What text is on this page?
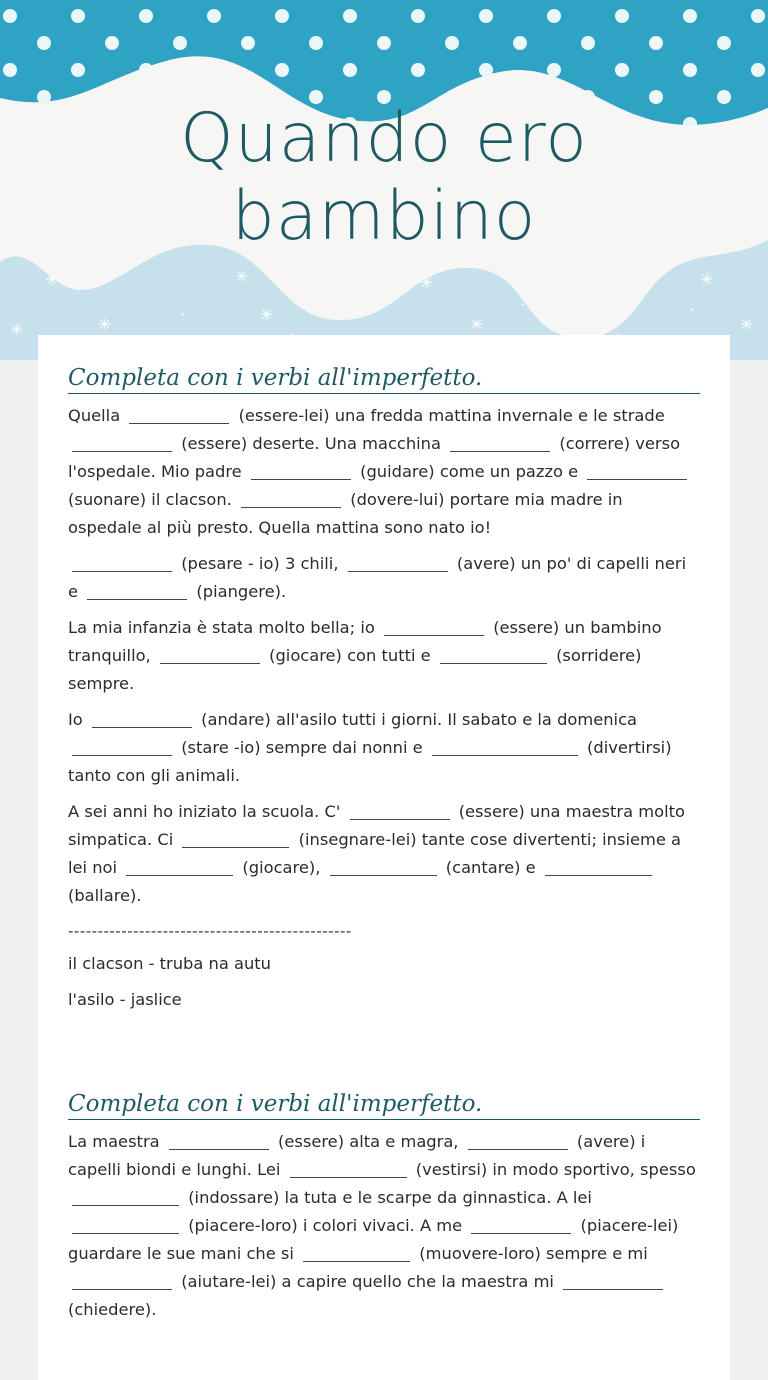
✳
✳
✳
·
✳
✳
✳
✳
·
✳
✳
·
Quando ero
bambino
Completa con i verbi all'imperfetto.

Quella	(essere-lei) una fredda mattina invernale e le strade  (essere) deserte. Una macchina	(correre) verso l'ospedale. Mio padre	(guidare) come un pazzo e  (suonare) il clacson.	(dovere-lui) portare mia madre in ospedale al più presto. Quella mattina sono nato io!

(pesare - io) 3 chili,	(avere) un po' di capelli neri e	(piangere).

La mia infanzia è stata molto bella; io	(essere) un bambino tranquillo,	(giocare) con tutti e	(sorridere) sempre.

Io	(andare) all'asilo tutti i giorni. Il sabato e la domenica  (stare -io) sempre dai nonni e	(divertirsi) tanto con gli animali.

A sei anni ho iniziato la scuola. C'	(essere) una maestra molto simpatica. Ci	(insegnare-lei) tante cose divertenti; insieme a lei noi	(giocare),	(cantare) e  (ballare).

------------------------------------------------

il clacson - truba na autu

l'asilo - jaslice

Completa con i verbi all'imperfetto.

La maestra	(essere) alta e magra,	(avere) i capelli biondi e lunghi. Lei	(vestirsi) in modo sportivo, spesso  (indossare) la tuta e le scarpe da ginnastica. A lei  (piacere-loro) i colori vivaci. A me	(piacere-lei) guardare le sue mani che si	(muovere-loro) sempre e mi  (aiutare-lei) a capire quello che la maestra mi  (chiedere).
